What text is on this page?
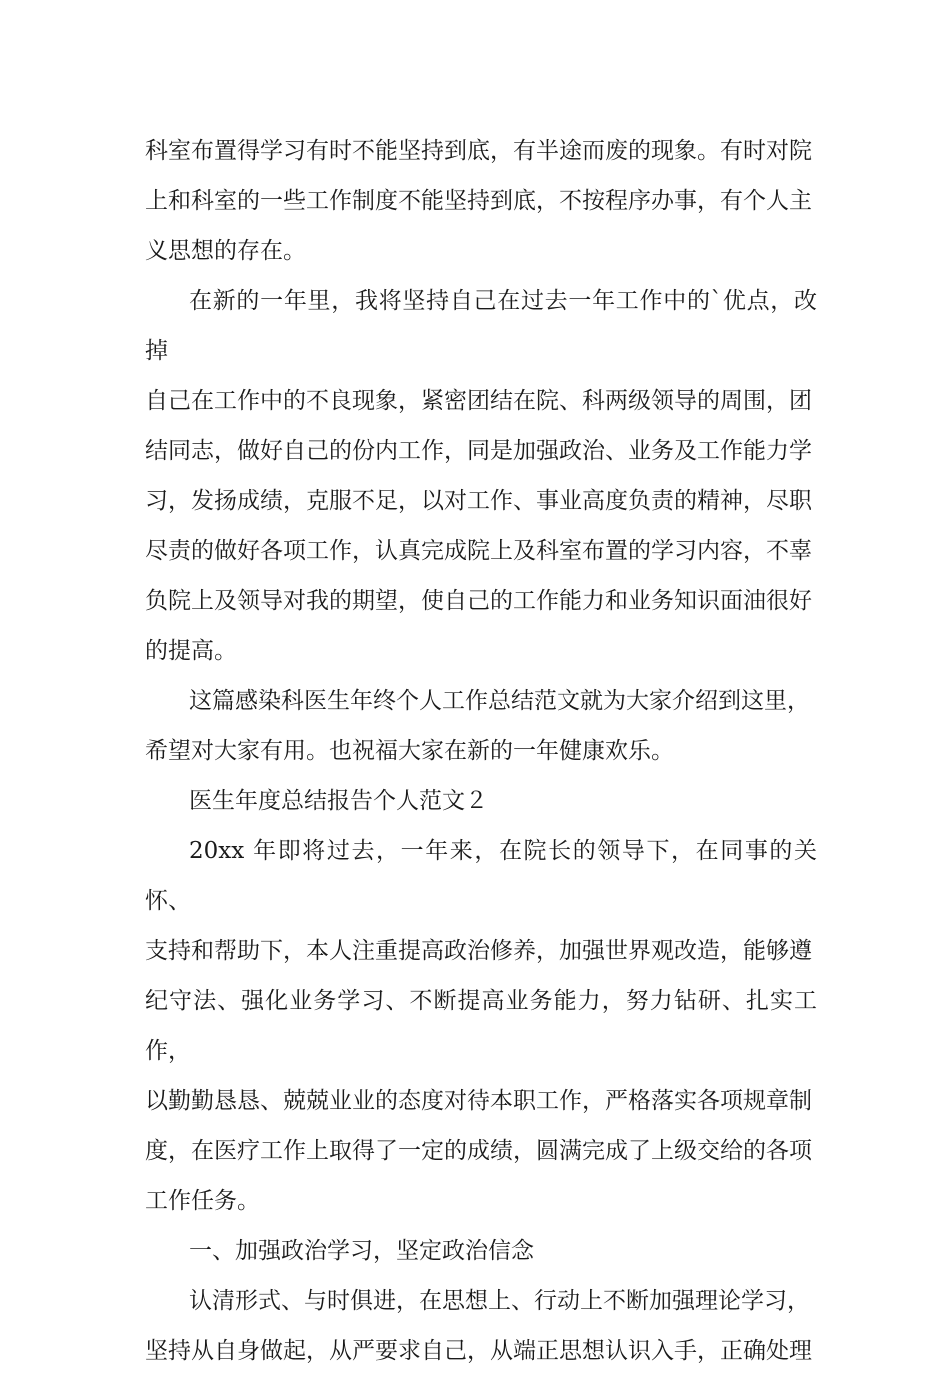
科室布置得学习有时不能坚持到底，有半途而废的现象。有时对院
上和科室的一些工作制度不能坚持到底，不按程序办事，有个人主
义思想的存在。

在新的一年里，我将坚持自己在过去一年工作中的`优点，改掉
自己在工作中的不良现象，紧密团结在院、科两级领导的周围，团
结同志，做好自己的份内工作，同是加强政治、业务及工作能力学
习，发扬成绩，克服不足，以对工作、事业高度负责的精神，尽职
尽责的做好各项工作，认真完成院上及科室布置的学习内容，不辜
负院上及领导对我的期望，使自己的工作能力和业务知识面油很好
的提高。

这篇感染科医生年终个人工作总结范文就为大家介绍到这里，
希望对大家有用。也祝福大家在新的一年健康欢乐。

医生年度总结报告个人范文２

20xx 年即将过去，一年来，在院长的领导下，在同事的关怀、
支持和帮助下，本人注重提高政治修养，加强世界观改造，能够遵
纪守法、强化业务学习、不断提高业务能力，努力钻研、扎实工作，
以勤勤恳恳、兢兢业业的态度对待本职工作，严格落实各项规章制
度，在医疗工作上取得了一定的成绩，圆满完成了上级交给的各项
工作任务。

一、加强政治学习，坚定政治信念

认清形式、与时俱进，在思想上、行动上不断加强理论学习，
坚持从自身做起，从严要求自己，从端正思想认识入手，正确处理
